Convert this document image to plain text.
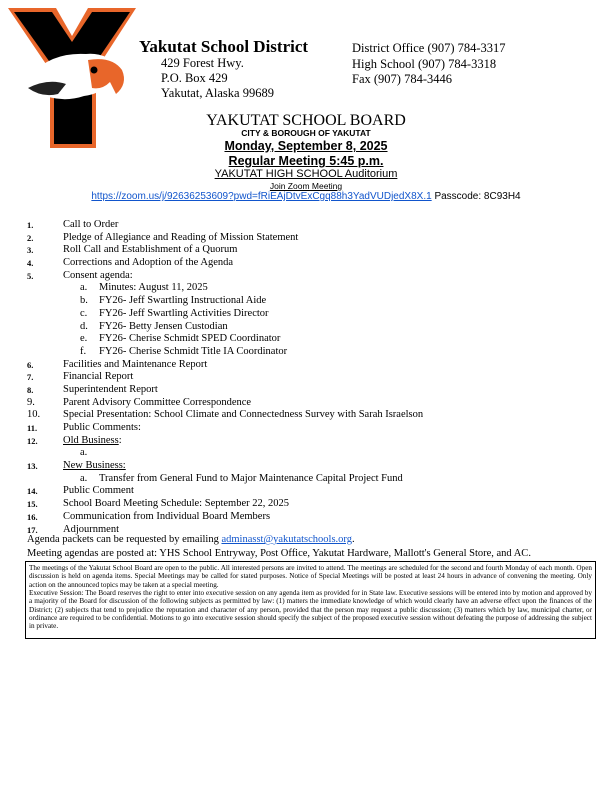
Yakutat School District
429 Forest Hwy.
P.O. Box 429
Yakutat, Alaska 99689
District Office (907) 784-3317
High School (907) 784-3318
Fax (907) 784-3446
YAKUTAT SCHOOL BOARD
CITY & BOROUGH OF YAKUTAT
Monday, September 8, 2025
Regular Meeting 5:45 p.m.
YAKUTAT HIGH SCHOOL Auditorium
Join Zoom Meeting
https://zoom.us/j/92636253609?pwd=fRiEAjDtvExCgq88h3YadVUDjedX8X.1 Passcode: 8C93H4
1.	Call to Order
2.	Pledge of Allegiance and Reading of Mission Statement
3.	Roll Call and Establishment of a Quorum
4.	Corrections and Adoption of the Agenda
5.	Consent agenda:
a. Minutes: August 11, 2025
b. FY26- Jeff Swartling Instructional Aide
c. FY26- Jeff Swartling Activities Director
d. FY26- Betty Jensen Custodian
e. FY26- Cherise Schmidt SPED Coordinator
f. FY26- Cherise Schmidt Title IA Coordinator
6.	Facilities and Maintenance Report
7.	Financial Report
8.	Superintendent Report
9.	Parent Advisory Committee Correspondence
10. Special Presentation: School Climate and Connectedness Survey with Sarah Israelson
11. Public Comments:
12. Old Business:
a.
13. New Business:
a. Transfer from General Fund to Major Maintenance Capital Project Fund
14. Public Comment
15. School Board Meeting Schedule: September 22, 2025
16. Communication from Individual Board Members
17. Adjournment
Agenda packets can be requested by emailing adminasst@yakutatschools.org.
Meeting agendas are posted at: YHS School Entryway, Post Office, Yakutat Hardware, Mallott's General Store, and AC.
The meetings of the Yakutat School Board are open to the public. All interested persons are invited to attend. The meetings are scheduled for the second and fourth Monday of each month. Open discussion is held on agenda items. Special Meetings may be called for stated purposes. Notice of Special Meetings will be posted at least 24 hours in advance of convening the meeting. Only action on the announced topics may be taken at a special meeting.
Executive Session: The Board reserves the right to enter into executive session on any agenda item as provided for in State law. Executive sessions will be entered into by motion and approved by a majority of the Board for discussion of the following subjects as permitted by law: (1) matters the immediate knowledge of which would clearly have an adverse effect upon the finances of the District; (2) subjects that tend to prejudice the reputation and character of any person, provided that the person may request a public discussion; (3) matters which by law, municipal charter, or ordinance are required to be confidential. Motions to go into executive session should specify the subject of the proposed executive session without defeating the purpose of addressing the subject in private.
